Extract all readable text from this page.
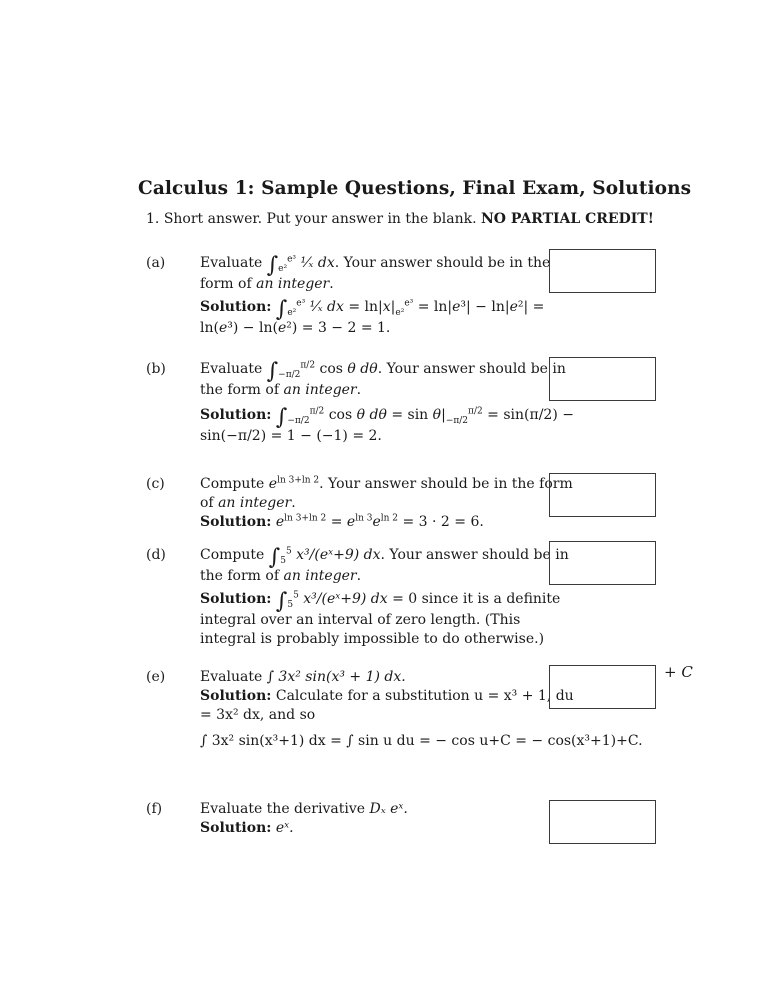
Calculus 1: Sample Questions, Final Exam, Solutions
1. Short answer. Put your answer in the blank. NO PARTIAL CREDIT!
(a)	Evaluate $\int_{e^2}^{e^3}$ ¹⁄ₓ dx. Your answer should be in the form of an integer.
Solution: $\int_{e^2}^{e^3}$ ¹⁄ₓ dx = $\ln|x|_{e^2}^{e^3} = \ln|e^3| - \ln|e^2| = \ln(e^3) - \ln(e^2) = 3 - 2 = 1$.
(b)	Evaluate $\int_{-\pi/2}^{\pi/2}$ cos θ dθ. Your answer should be in the form of an integer.
Solution: $\int_{-\pi/2}^{\pi/2}$ cos θ $d\theta = \sin \theta|_{-\pi/2}^{\pi/2} = \sin(\pi/2) - \sin(-\pi/2) = 1 - (-1) = 2$.
(c)	Compute $e^{ln 3+ln 2}$. Your answer should be in the form of an integer.
Solution: $e^{ln 3+ln 2} = e^{ln 3}e^{ln 2} = 3 \cdot 2 = 6$.
(d)	Compute $\int_5^5$ x³/(eˣ+9) dx. Your answer should be in the form of an integer.
Solution: $\int_5^5$ x³/(eˣ+9) dx = 0 since it is a definite integral over an interval of zero length. (This integral is probably impossible to do otherwise.)
(e)	Evaluate ∫ 3x² sin(x³ + 1) dx.
Solution: Calculate for a substitution u = x³ + 1, du = 3x² dx, and so
∫ 3x² sin(x³+1) dx = ∫ sin u du = − cos u+C = − cos(x³+1)+C.
+ C
(f)	Evaluate the derivative Dₓ eˣ.
Solution: eˣ.
